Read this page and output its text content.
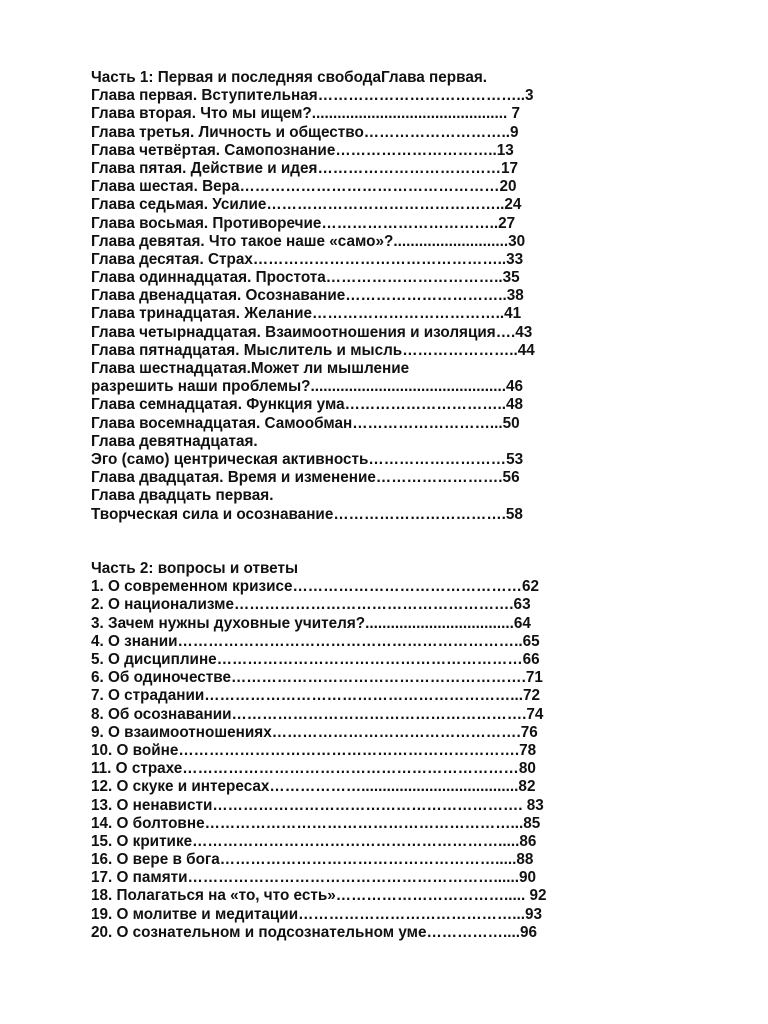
Часть 1: Первая и последняя свободаГлава первая.
Глава первая. Вступительная…………………………………..3
Глава вторая. Что мы ищем?.............................................. 7
Глава третья. Личность и общество………………………..9
Глава четвёртая. Самопознание…………………………..13
Глава пятая. Действие и идея………………………………17
Глава шестая. Вера……………………………………………20
Глава седьмая. Усилие………………………………………..24
Глава восьмая. Противоречие……………………………..27
Глава девятая. Что такое наше «само»?...........................30
Глава десятая. Страх…………………………………………..33
Глава одиннадцатая. Простота……………………………..35
Глава двенадцатая. Осознавание…………………………..38
Глава тринадцатая. Желание………………………………..41
Глава четырнадцатая. Взаимоотношения и изоляция….43
Глава пятнадцатая. Мыслитель и мысль…………………..44
Глава шестнадцатая.Может ли мышление
разрешить наши проблемы?..............................................46
Глава семнадцатая. Функция ума…………………………..48
Глава восемнадцатая. Самообман………………………...50
Глава девятнадцатая.
Эго (само) центрическая активность………………………53
Глава двадцатая. Время и изменение…………………….56
Глава двадцать первая.
Творческая сила и осознавание…………………………….58
Часть 2: вопросы и ответы
1. О современном кризисе………………………………………62
2. О национализме……………………………………………….63
3. Зачем нужны духовные учителя?...................................64
4. О знании…………………………………………………………..65
5. О дисциплине……………………………………………………66
6. Об одиночестве………………………………………………….71
7. О страдании……………………………………………………...72
8. Об осознавании………………………………………………….74
9. О взаимоотношениях………………………………………….76
10. О войне………………………………………………………….78
11. О страхе…………………………………………………………80
12. О скуке и интересах……………….....................................82
13. О ненависти……………………………………………………. 83
14. О болтовне……………………………………………………...85
15. О критике…………………………………………………….....86
16. О вере в бога……………………………………………….....88
17. О памяти……………………………………………………......90
18. Полагаться на «то, что есть»……………………………..... 92
19. О молитве и медитации……………………………………...93
20. О сознательном и подсознательном уме……………....96
